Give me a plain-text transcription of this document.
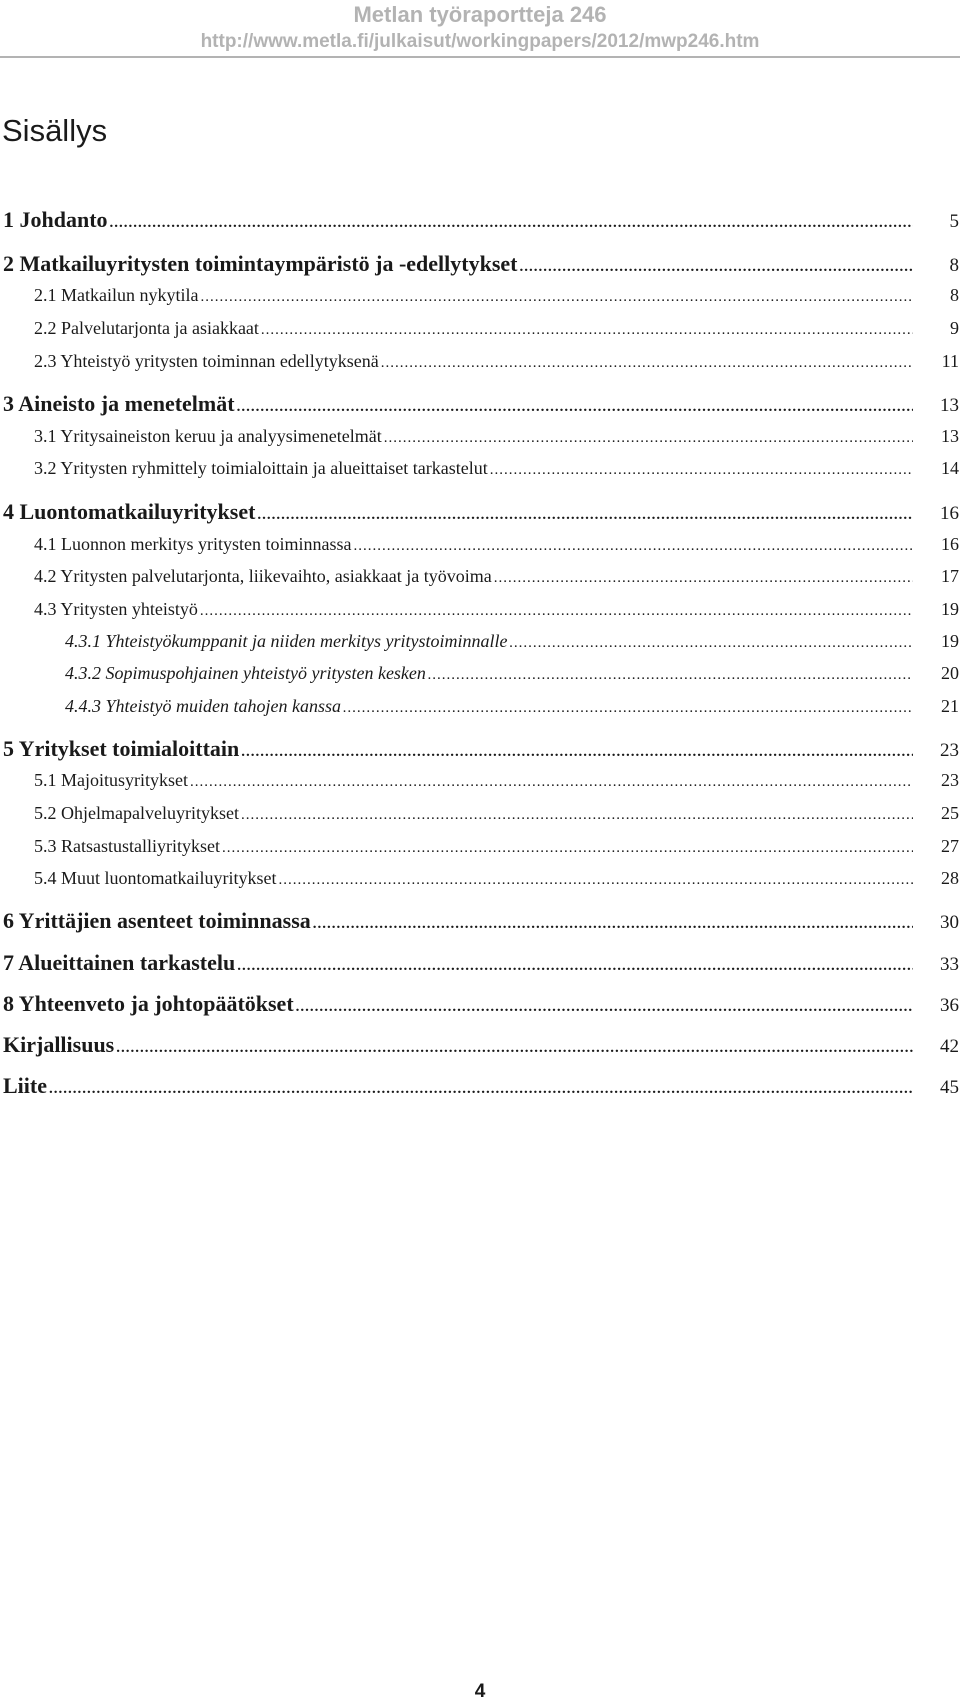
Metlan työraportteja 246
http://www.metla.fi/julkaisut/workingpapers/2012/mwp246.htm
Sisällys
1 Johdanto .....	5
2 Matkailuyritysten toimintaympäristö ja -edellytykset .....	8
2.1 Matkailun nykytila .....	8
2.2 Palvelutarjonta ja asiakkaat .....	9
2.3 Yhteistyö yritysten toiminnan edellytyksenä .....	11
3 Aineisto ja menetelmät .....	13
3.1 Yritysaineiston keruu ja analyysimenetelmät .....	13
3.2 Yritysten ryhmittely toimialoittain ja alueittaiset tarkastelut .....	14
4 Luontomatkailuyritykset .....	16
4.1 Luonnon merkitys yritysten toiminnassa .....	16
4.2 Yritysten palvelutarjonta, liikevaihto, asiakkaat ja työvoima .....	17
4.3 Yritysten yhteistyö .....	19
4.3.1 Yhteistyökumppanit ja niiden merkitys yritystoiminnalle .....	19
4.3.2 Sopimuspohjainen yhteistyö yritysten kesken .....	20
4.4.3 Yhteistyö muiden tahojen kanssa .....	21
5 Yritykset toimialoittain .....	23
5.1 Majoitusyritykset .....	23
5.2 Ohjelmapalveluyritykset .....	25
5.3 Ratsastustalliyritykset .....	27
5.4 Muut luontomatkailuyritykset .....	28
6 Yrittäjien asenteet toiminnassa .....	30
7 Alueittainen tarkastelu .....	33
8 Yhteenveto ja johtopäätökset .....	36
Kirjallisuus .....	42
Liite .....	45
4
